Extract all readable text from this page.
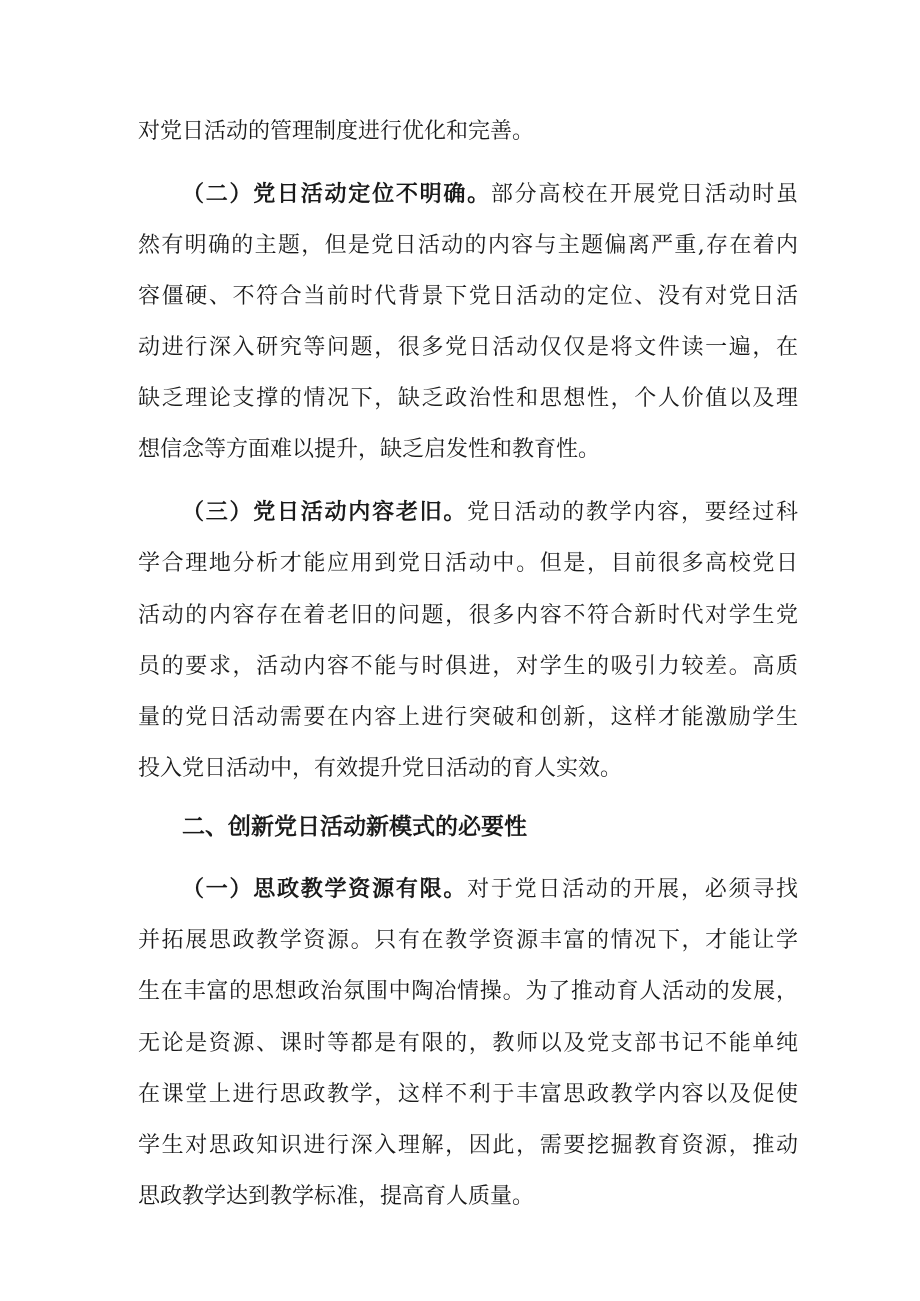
对党日活动的管理制度进行优化和完善。
（二）党日活动定位不明确。部分高校在开展党日活动时虽
然有明确的主题，但是党日活动的内容与主题偏离严重,存在着内
容僵硬、不符合当前时代背景下党日活动的定位、没有对党日活
动进行深入研究等问题，很多党日活动仅仅是将文件读一遍，在
缺乏理论支撑的情况下，缺乏政治性和思想性，个人价值以及理
想信念等方面难以提升，缺乏启发性和教育性。
（三）党日活动内容老旧。党日活动的教学内容，要经过科
学合理地分析才能应用到党日活动中。但是，目前很多高校党日
活动的内容存在着老旧的问题，很多内容不符合新时代对学生党
员的要求，活动内容不能与时俱进，对学生的吸引力较差。高质
量的党日活动需要在内容上进行突破和创新，这样才能激励学生
投入党日活动中，有效提升党日活动的育人实效。
二、创新党日活动新模式的必要性
（一）思政教学资源有限。对于党日活动的开展，必须寻找
并拓展思政教学资源。只有在教学资源丰富的情况下，才能让学
生在丰富的思想政治氛围中陶冶情操。为了推动育人活动的发展，
无论是资源、课时等都是有限的，教师以及党支部书记不能单纯
在课堂上进行思政教学，这样不利于丰富思政教学内容以及促使
学生对思政知识进行深入理解，因此，需要挖掘教育资源，推动
思政教学达到教学标准，提高育人质量。
